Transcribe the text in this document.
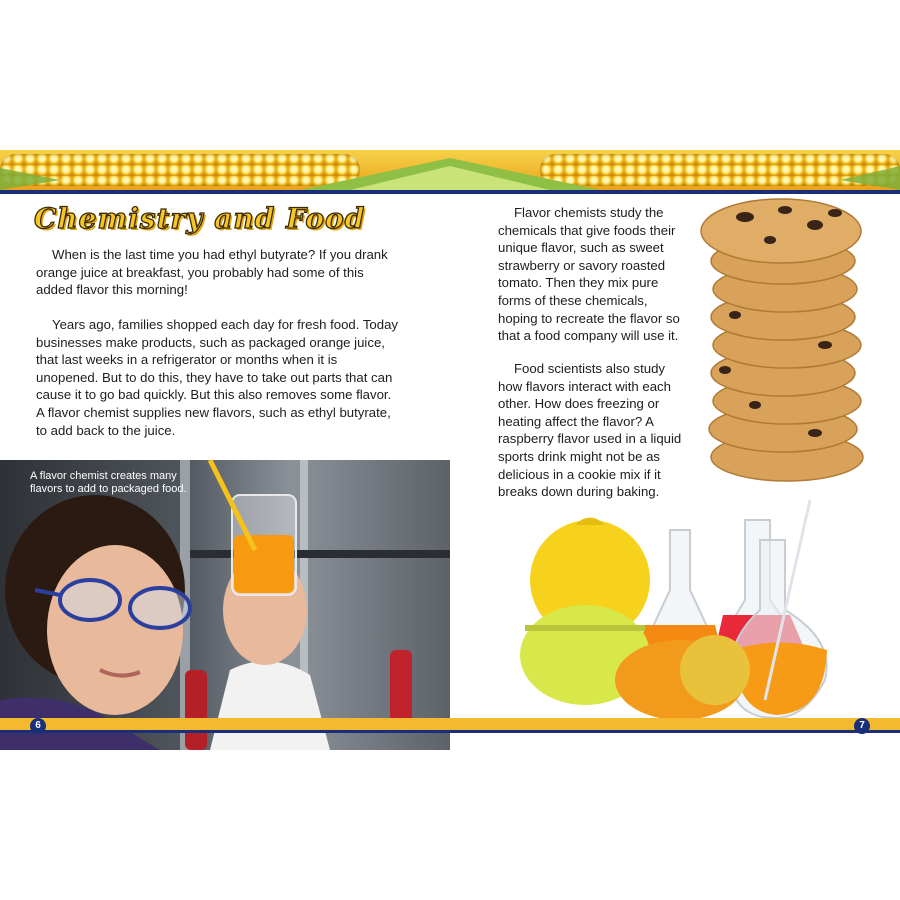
Chemistry and Food

When is the last time you had ethyl butyrate? If you drank orange juice at breakfast, you probably had some of this added flavor this morning!

Years ago, families shopped each day for fresh food. Today businesses make products, such as packaged orange juice, that last weeks in a refrigerator or months when it is unopened. But to do this, they have to take out parts that can cause it to go bad quickly. But this also removes some flavor. A flavor chemist supplies new flavors, such as ethyl butyrate, to add back to the juice.

A flavor chemist creates many flavors to add to packaged food.

Flavor chemists study the chemicals that give foods their unique flavor, such as sweet strawberry or savory roasted tomato. Then they mix pure forms of these chemicals, hoping to recreate the flavor so that a food company will use it.

Food scientists also study how flavors interact with each other. How does freezing or heating affect the flavor? A raspberry flavor used in a liquid sports drink might not be as delicious in a cookie mix if it breaks down during baking.

6	7
